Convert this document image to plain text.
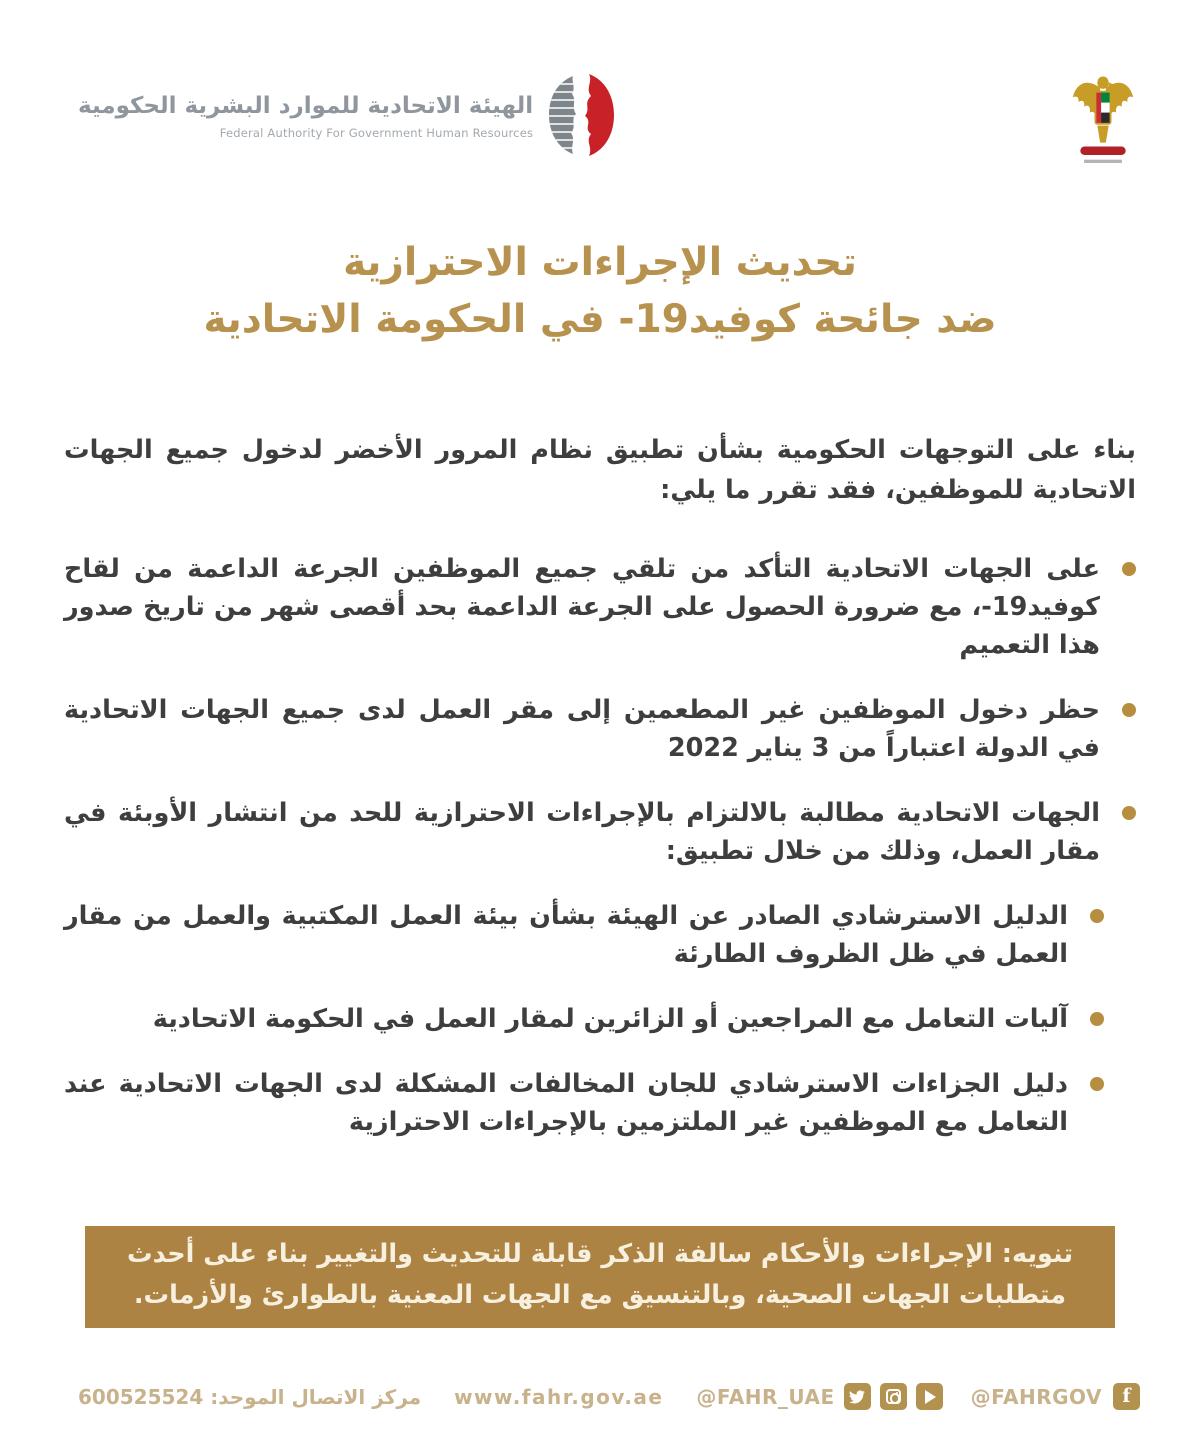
الهيئة الاتحادية للموارد البشرية الحكومية
Federal Authority For Government Human Resources
تحديث الإجراءات الاحترازية
ضد جائحة كوفيد19- في الحكومة الاتحادية

بناء على التوجهات الحكومية بشأن تطبيق نظام المرور الأخضر لدخول جميع الجهات الاتحادية للموظفين، فقد تقرر ما يلي:

على الجهات الاتحادية التأكد من تلقي جميع الموظفين الجرعة الداعمة من لقاح كوفيد19-، مع ضرورة الحصول على الجرعة الداعمة بحد أقصى شهر من تاريخ صدور هذا التعميم
حظر دخول الموظفين غير المطعمين إلى مقر العمل لدى جميع الجهات الاتحادية في الدولة اعتباراً من 3 يناير 2022
الجهات الاتحادية مطالبة بالالتزام بالإجراءات الاحترازية للحد من انتشار الأوبئة في مقار العمل، وذلك من خلال تطبيق:
الدليل الاسترشادي الصادر عن الهيئة بشأن بيئة العمل المكتبية والعمل من مقار العمل في ظل الظروف الطارئة
آليات التعامل مع المراجعين أو الزائرين لمقار العمل في الحكومة الاتحادية
دليل الجزاءات الاسترشادي للجان المخالفات المشكلة لدى الجهات الاتحادية عند التعامل مع الموظفين غير الملتزمين بالإجراءات الاحترازية
تنويه: الإجراءات والأحكام سالفة الذكر قابلة للتحديث والتغيير بناء على أحدث متطلبات الجهات الصحية، وبالتنسيق مع الجهات المعنية بالطوارئ والأزمات.
مركز الاتصال الموحد: 600525524 www.fahr.gov.ae @FAHR_UAE	@FAHRGOV f
